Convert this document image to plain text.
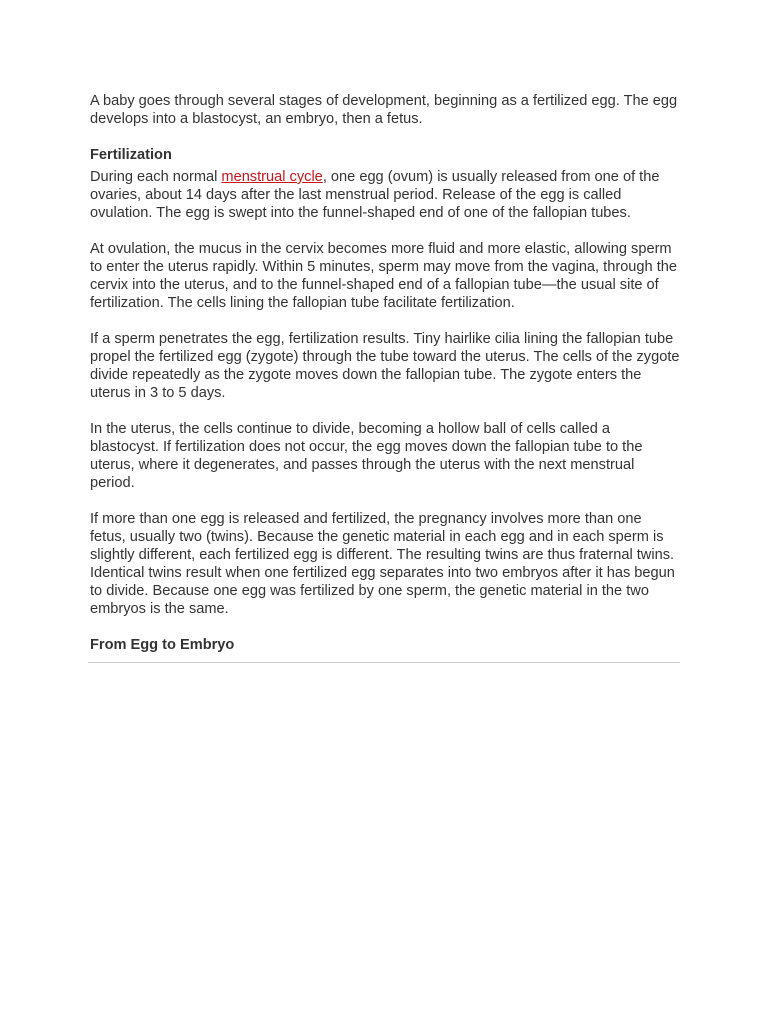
A baby goes through several stages of development, beginning as a fertilized egg. The egg develops into a blastocyst, an embryo, then a fetus.

Fertilization

During each normal menstrual cycle, one egg (ovum) is usually released from one of the ovaries, about 14 days after the last menstrual period. Release of the egg is called ovulation. The egg is swept into the funnel-shaped end of one of the fallopian tubes.

At ovulation, the mucus in the cervix becomes more fluid and more elastic, allowing sperm to enter the uterus rapidly. Within 5 minutes, sperm may move from the vagina, through the cervix into the uterus, and to the funnel-shaped end of a fallopian tube—the usual site of fertilization. The cells lining the fallopian tube facilitate fertilization.

If a sperm penetrates the egg, fertilization results. Tiny hairlike cilia lining the fallopian tube propel the fertilized egg (zygote) through the tube toward the uterus. The cells of the zygote divide repeatedly as the zygote moves down the fallopian tube. The zygote enters the uterus in 3 to 5 days.

In the uterus, the cells continue to divide, becoming a hollow ball of cells called a blastocyst. If fertilization does not occur, the egg moves down the fallopian tube to the uterus, where it degenerates, and passes through the uterus with the next menstrual period.

If more than one egg is released and fertilized, the pregnancy involves more than one fetus, usually two (twins). Because the genetic material in each egg and in each sperm is slightly different, each fertilized egg is different. The resulting twins are thus fraternal twins. Identical twins result when one fertilized egg separates into two embryos after it has begun to divide. Because one egg was fertilized by one sperm, the genetic material in the two embryos is the same.

From Egg to Embryo
